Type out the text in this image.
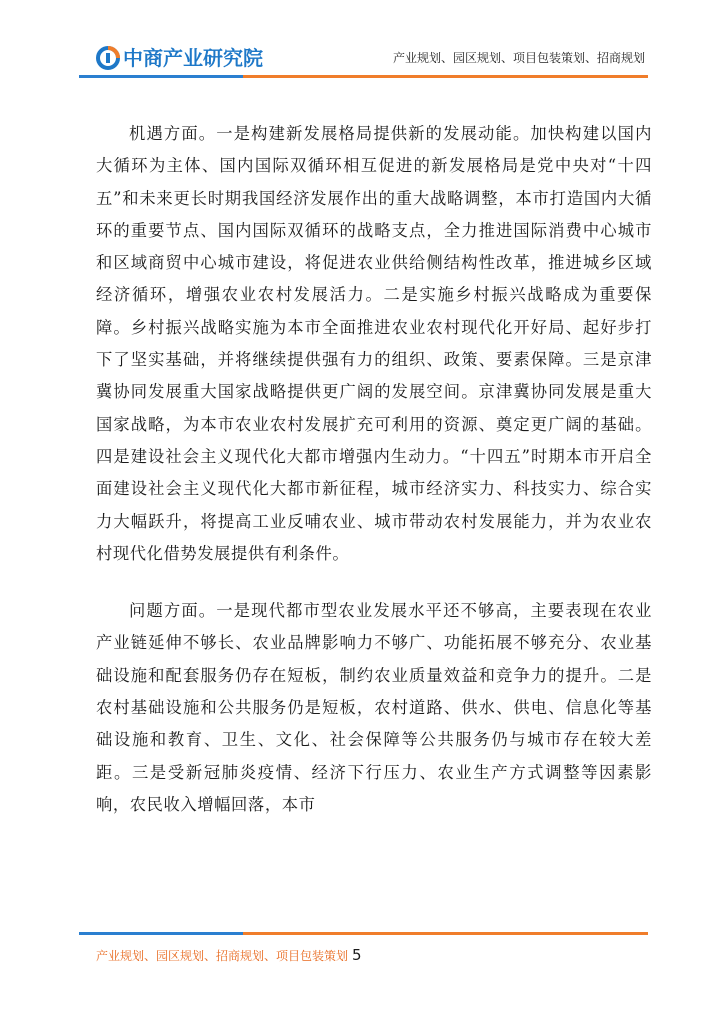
中商产业研究院	产业规划、园区规划、项目包装策划、招商规划

机遇方面。一是构建新发展格局提供新的发展动能。加快构建以国内大循环为主体、国内国际双循环相互促进的新发展格局是党中央对“十四五”和未来更长时期我国经济发展作出的重大战略调整，本市打造国内大循环的重要节点、国内国际双循环的战略支点，全力推进国际消费中心城市和区域商贸中心城市建设，将促进农业供给侧结构性改革，推进城乡区域经济循环，增强农业农村发展活力。二是实施乡村振兴战略成为重要保障。乡村振兴战略实施为本市全面推进农业农村现代化开好局、起好步打下了坚实基础，并将继续提供强有力的组织、政策、要素保障。三是京津冀协同发展重大国家战略提供更广阔的发展空间。京津冀协同发展是重大国家战略，为本市农业农村发展扩充可利用的资源、奠定更广阔的基础。四是建设社会主义现代化大都市增强内生动力。“十四五”时期本市开启全面建设社会主义现代化大都市新征程，城市经济实力、科技实力、综合实力大幅跃升，将提高工业反哺农业、城市带动农村发展能力，并为农业农村现代化借势发展提供有利条件。

问题方面。一是现代都市型农业发展水平还不够高，主要表现在农业产业链延伸不够长、农业品牌影响力不够广、功能拓展不够充分、农业基础设施和配套服务仍存在短板，制约农业质量效益和竞争力的提升。二是农村基础设施和公共服务仍是短板，农村道路、供水、供电、信息化等基础设施和教育、卫生、文化、社会保障等公共服务仍与城市存在较大差距。三是受新冠肺炎疫情、经济下行压力、农业生产方式调整等因素影响，农民收入增幅回落，本市

产业规划、园区规划、招商规划、项目包装策划 5
